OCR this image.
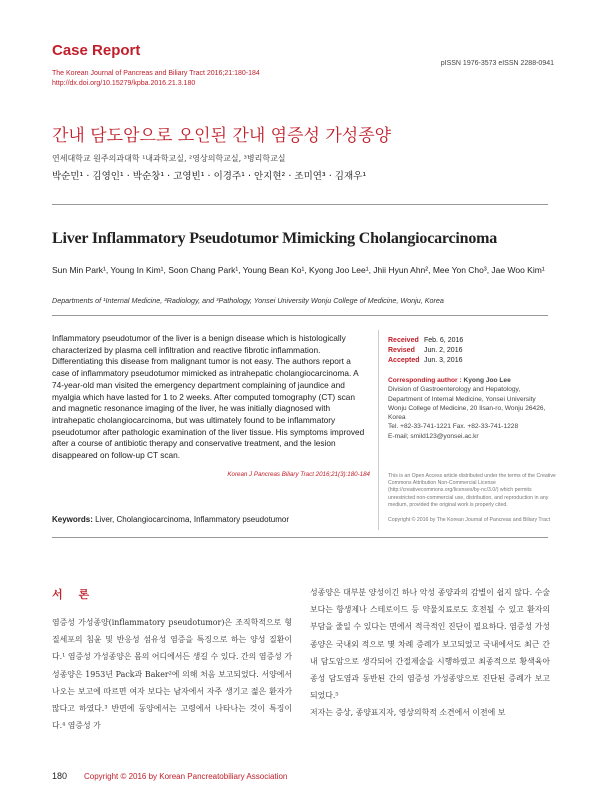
Case Report
The Korean Journal of Pancreas and Biliary Tract 2016;21:180-184
http://dx.doi.org/10.15279/kpba.2016.21.3.180
pISSN 1976-3573 eISSN 2288-0941
간내 담도암으로 오인된 간내 염증성 가성종양
연세대학교 원주의과대학 ¹내과학교실, ²영상의학교실, ³병리학교실
박순민¹ · 김영인¹ · 박순창¹ · 고영빈¹ · 이경주¹ · 안지현² · 조미연³ · 김재우¹
Liver Inflammatory Pseudotumor Mimicking Cholangiocarcinoma
Sun Min Park¹, Young In Kim¹, Soon Chang Park¹, Young Bean Ko¹, Kyong Joo Lee¹, Jhii Hyun Ahn², Mee Yon Cho³, Jae Woo Kim¹
Departments of ¹Internal Medicine, ²Radiology, and ³Pathology, Yonsei University Wonju College of Medicine, Wonju, Korea
Inflammatory pseudotumor of the liver is a benign disease which is histologically characterized by plasma cell infiltration and reactive fibrotic inflammation. Differentiating this disease from malignant tumor is not easy. The authors report a case of inflammatory pseudotumor mimicked as intrahepatic cholangiocarcinoma. A 74-year-old man visited the emergency department complaining of jaundice and myalgia which have lasted for 1 to 2 weeks. After computed tomography (CT) scan and magnetic resonance imaging of the liver, he was initially diagnosed with intrahepatic cholangiocarcinoma, but was ultimately found to be inflammatory pseudotumor after pathologic examination of the liver tissue. His symptoms improved after a course of antibiotic therapy and conservative treatment, and the lesion disappeared on follow-up CT scan.
Korean J Pancreas Biliary Tract 2016;21(3):180-184
Keywords: Liver, Cholangiocarcinoma, Inflammatory pseudotumor
Received Feb. 6, 2016
Revised Jun. 2, 2016
Accepted Jun. 3, 2016
Corresponding author : Kyong Joo Lee
Division of Gastroenterology and Hepatology,
Department of Internal Medicine, Yonsei University
Wonju College of Medicine, 20 Ilsan-ro, Wonju 26426,
Korea
Tel. +82-33-741-1221 Fax. +82-33-741-1228
E-mail; smild123@yonsei.ac.kr
This is an Open Access article distributed under the terms of the Creative Commons Attribution Non-Commercial License (http://creativecommons.org/licenses/by-nc/3.0/) which permits unrestricted non-commercial use, distribution, and reproduction in any medium, provided the original work is properly cited.
Copyright © 2016 by The Korean Journal of Pancreas and Biliary Tract
서 론
염증성 가성종양(inflammatory pseudotumor)은 조직학적으로 형질세포의 침윤 및 반응성 섬유성 염증을 특징으로 하는 양성 질환이다.¹ 염증성 가성종양은 몸의 어디에서든 생길 수 있다. 간의 염증성 가성종양은 1953년 Pack과 Baker²에 의해 처음 보고되었다. 서양에서 나오는 보고에 따르면 여자 보다는 남자에서 자주 생기고 젊은 환자가 많다고 하였다.³ 반면에 동양에서는 고령에서 나타나는 것이 특징이다.⁴ 염증성 가
성종양은 대부분 양성이긴 하나 악성 종양과의 감별이 쉽지 않다. 수술보다는 항생제나 스테로이드 등 약물치료로도 호전될 수 있고 환자의 부담을 줄일 수 있다는 면에서 적극적인 진단이 필요하다. 염증성 가성종양은 국내외 적으로 몇 차례 증례가 보고되었고 국내에서도 최근 간내 담도암으로 생각되어 간절제술을 시행하였고 최종적으로 황색육아종성 담도염과 동반된 간의 염증성 가성종양으로 진단된 증례가 보고되었다.⁵
저자는 증상, 종양표지자, 영상의학적 소견에서 이전에 보
180 Copyright © 2016 by Korean Pancreatobiliary Association
